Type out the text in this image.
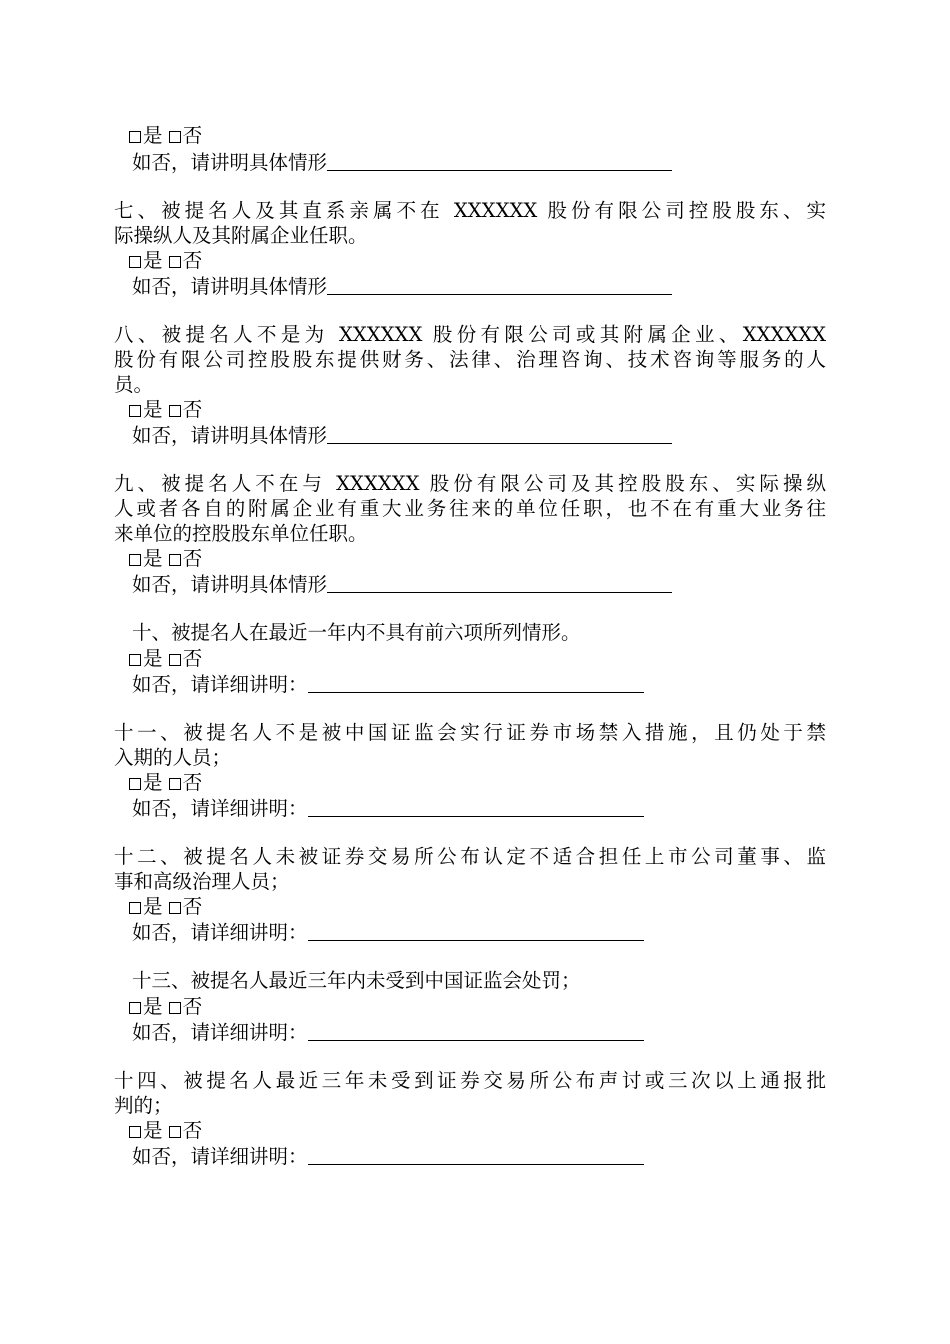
是 否
如否，请讲明具体情形
七、被提名人及其直系亲属不在 XXXXXX 股份有限公司控股股东、实
际操纵人及其附属企业任职。
是 否
如否，请讲明具体情形
八、被提名人不是为 XXXXXX 股份有限公司或其附属企业、XXXXXX
股份有限公司控股股东提供财务、法律、治理咨询、技术咨询等服务的人
员。
是 否
如否，请讲明具体情形
九、被提名人不在与 XXXXXX 股份有限公司及其控股股东、实际操纵
人或者各自的附属企业有重大业务往来的单位任职，也不在有重大业务往
来单位的控股股东单位任职。
是 否
如否，请讲明具体情形
十、被提名人在最近一年内不具有前六项所列情形。
是 否
如否，请详细讲明：
十一、被提名人不是被中国证监会实行证券市场禁入措施，且仍处于禁
入期的人员；
是 否
如否，请详细讲明：
十二、被提名人未被证券交易所公布认定不适合担任上市公司董事、监
事和高级治理人员；
是 否
如否，请详细讲明：
十三、被提名人最近三年内未受到中国证监会处罚；
是 否
如否，请详细讲明：
十四、被提名人最近三年未受到证券交易所公布声讨或三次以上通报批
判的；
是 否
如否，请详细讲明：
